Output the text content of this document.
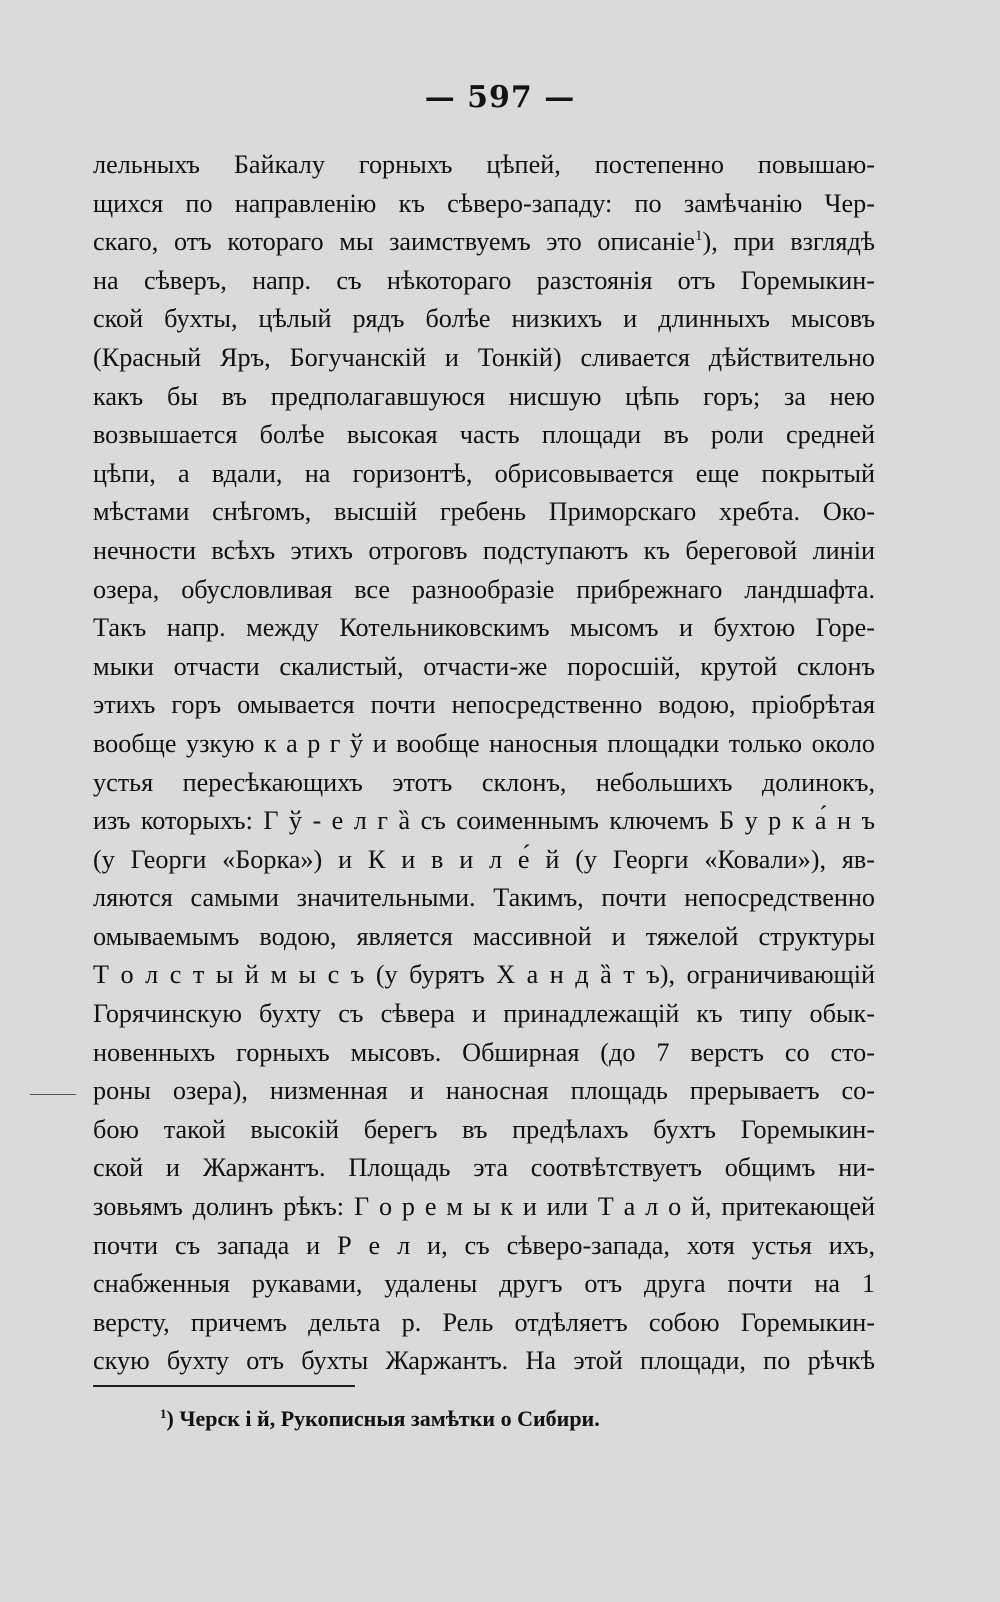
— 597 —
лельныхъ Байкалу горныхъ цѣпей, постепенно повышаю-
щихся по направленію къ сѣверо-западу: по замѣчанію Чер-
скаго, отъ котораго мы заимствуемъ это описаніе$^1$), при взглядѣ
на сѣверъ, напр. съ нѣкотораго разстоянія отъ Горемыкин-
ской бухты, цѣлый рядъ болѣе низкихъ и длинныхъ мысовъ
(Красный Яръ, Богучанскій и Тонкій) сливается дѣйствительно
какъ бы въ предполагавшуюся нисшую цѣпь горъ; за нею
возвышается болѣе высокая часть площади въ роли средней
цѣпи, а вдали, на горизонтѣ, обрисовывается еще покрытый
мѣстами снѣгомъ, высшій гребень Приморскаго хребта. Око-
нечности всѣхъ этихъ отроговъ подступаютъ къ береговой линіи
озера, обусловливая все разнообразіе прибрежнаго ландшафта.
Такъ напр. между Котельниковскимъ мысомъ и бухтою Горе-
мыки отчасти скалистый, отчасти-же поросшій, крутой склонъ
этихъ горъ омывается почти непосредственно водою, пріобрѣтая
вообще узкую к а р г ў и вообще наносныя площадки только около
устья пересѣкающихъ этотъ склонъ, небольшихъ долинокъ,
изъ которыхъ: Г ў - е л г ȁ съ соименнымъ ключемъ Б у р к а́ н ъ
(у Георги «Борка») и К и в и л е́ й (у Георги «Ковали»), яв-
ляются самыми значительными. Такимъ, почти непосредственно
омываемымъ водою, является массивной и тяжелой структуры
Т о л с т ы й м ы с ъ (у бурятъ Х а н д ȁ т ъ), ограничивающій
Горячинскую бухту съ сѣвера и принадлежащій къ типу обык-
новенныхъ горныхъ мысовъ. Обширная (до 7 верстъ со сто-
роны озера), низменная и наносная площадь прерываетъ со-
бою такой высокій берегъ въ предѣлахъ бухтъ Горемыкин-
ской и Жаржантъ. Площадь эта соотвѣтствуетъ общимъ ни-
зовьямъ долинъ рѣкъ: Г о р е м ы к и или Т а л о й, притекающей
почти съ запада и Р е л и, съ сѣверо-запада, хотя устья ихъ,
снабженныя рукавами, удалены другъ отъ друга почти на 1
версту, причемъ дельта р. Рель отдѣляетъ собою Горемыкин-
скую бухту отъ бухты Жаржантъ. На этой площади, по рѣчкѣ
$^1$) Черск і й, Рукописныя замѣтки о Сибири.
